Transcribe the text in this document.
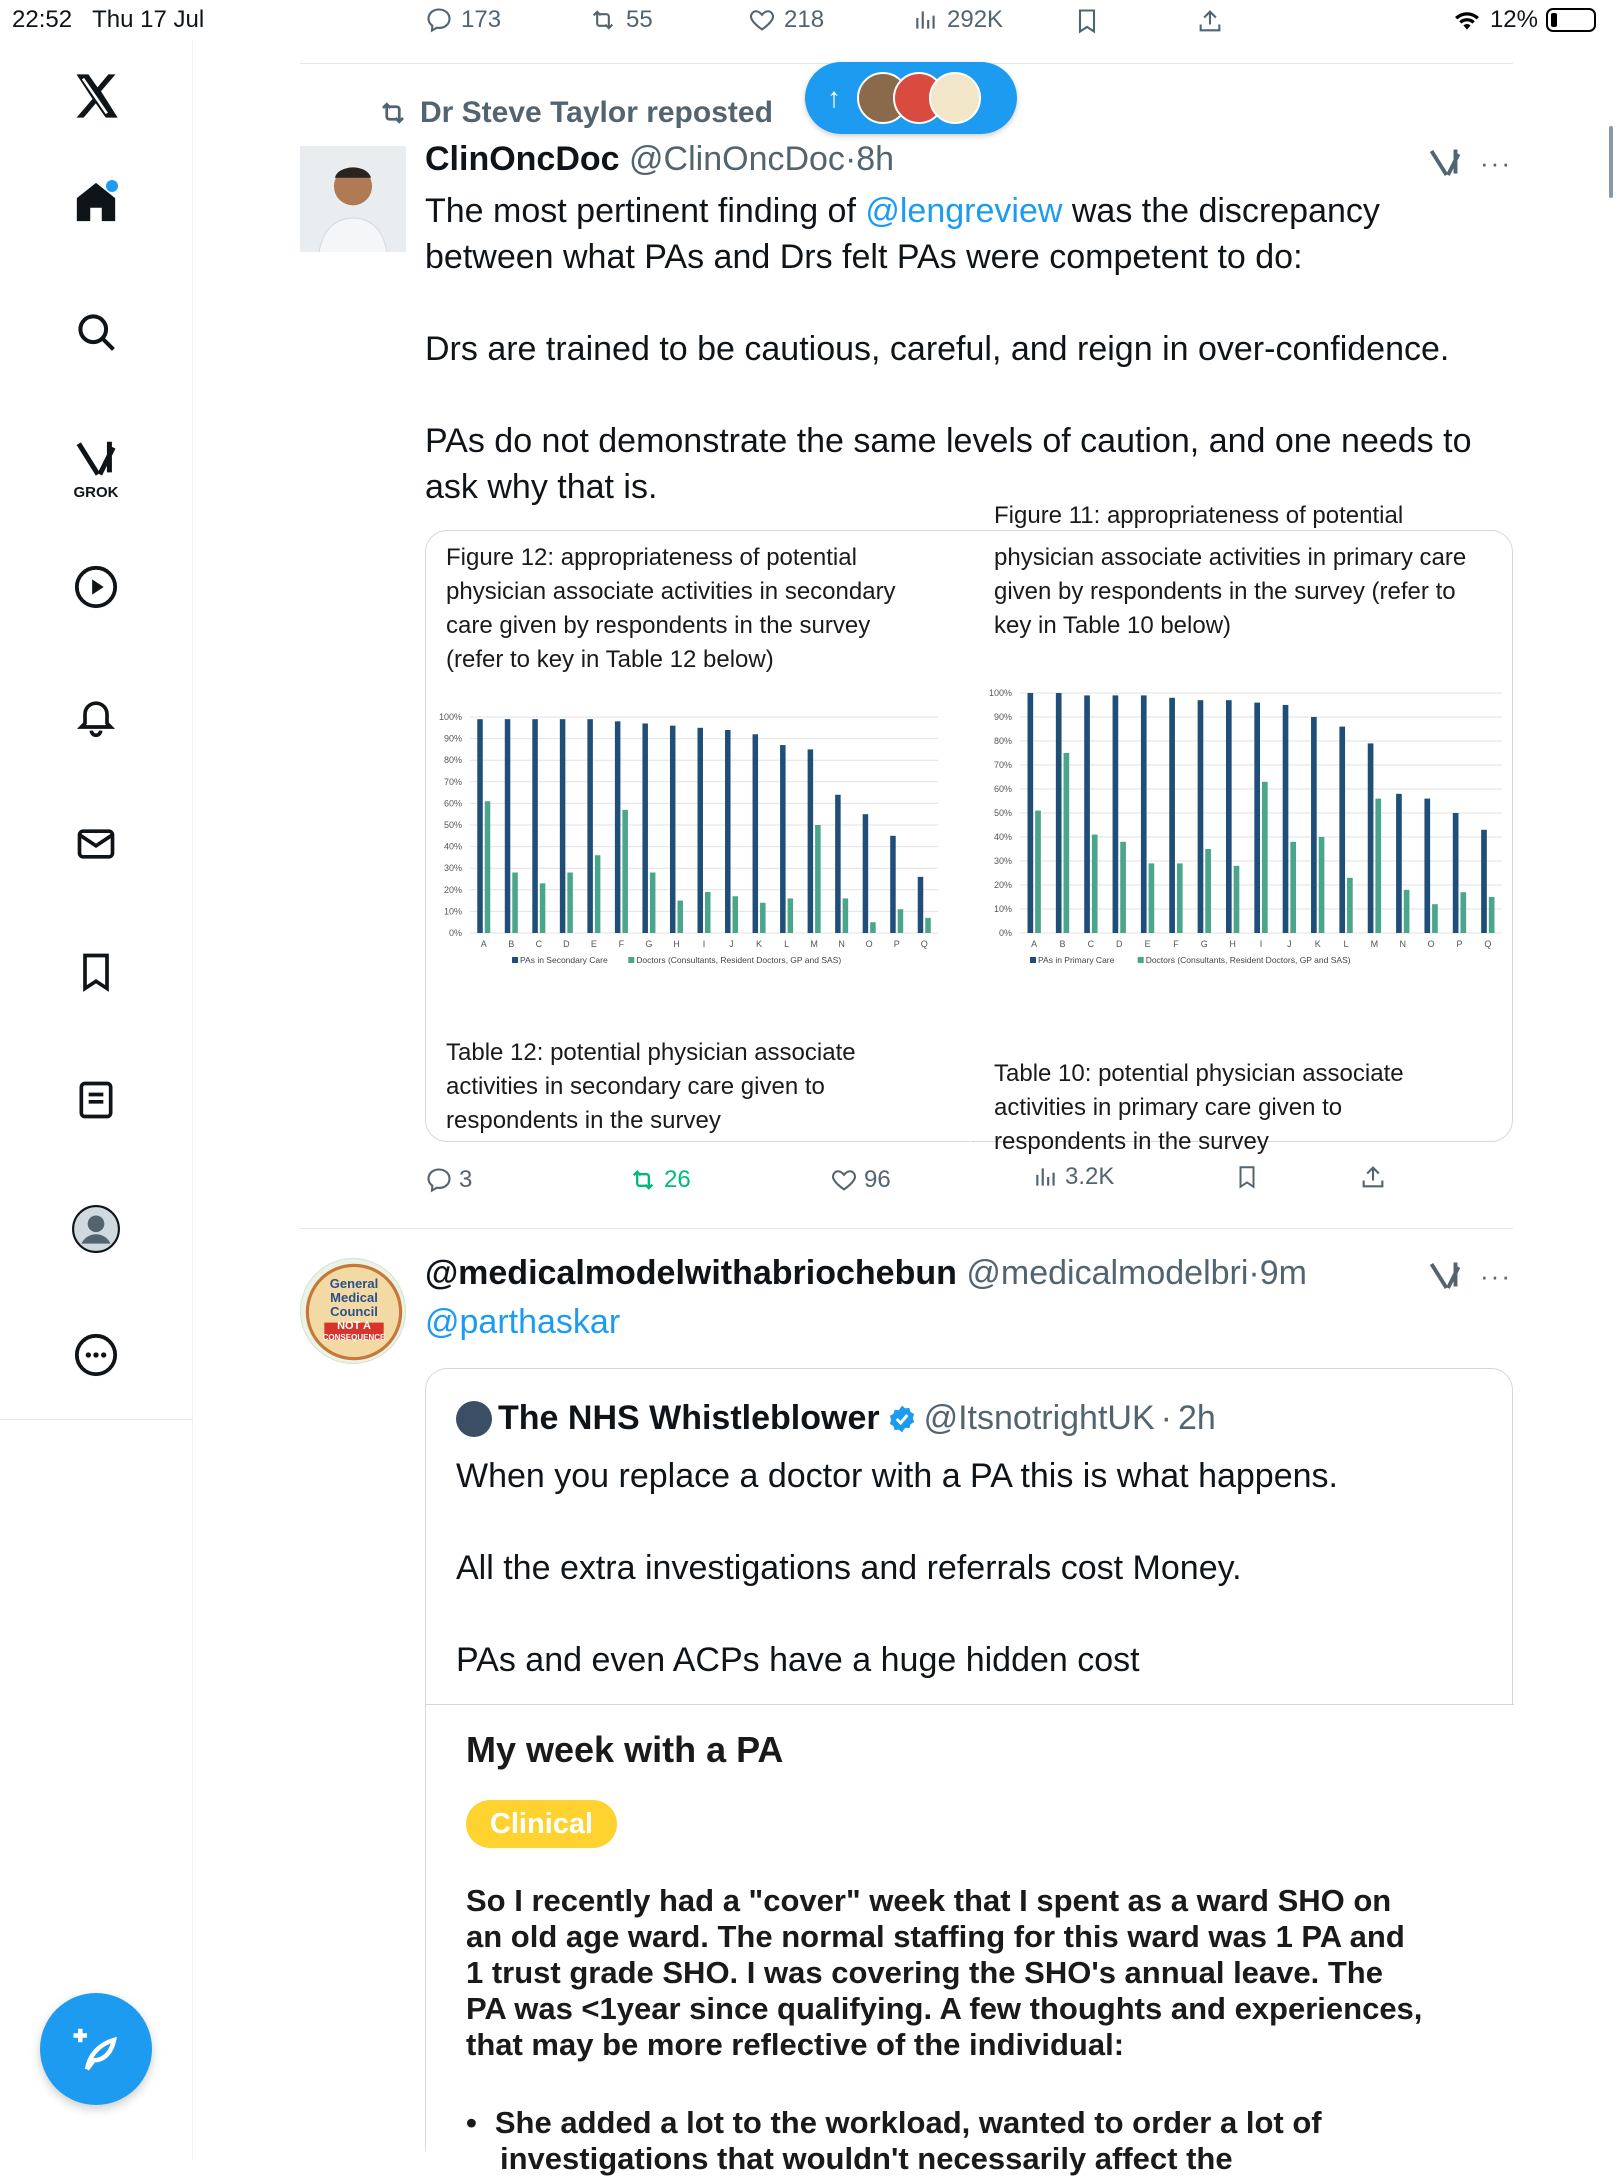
22:52 Thu 17 Jul	173	55	218	292K	12%
GROK
↑
Dr Steve Taylor reposted
ClinOncDoc @ClinOncDoc·8h	···
The most pertinent finding of @lengreview was the discrepancy
between what PAs and Drs felt PAs were competent to do:
Drs are trained to be cautious, careful, and reign in over-confidence.
PAs do not demonstrate the same levels of caution, and one needs to
ask why that is.
Figure 12: appropriateness of potential
physician associate activities in secondary
care given by respondents in the survey
(refer to key in Table 12 below)
Figure 11: appropriateness of potential
physician associate activities in primary care
given by respondents in the survey (refer to
key in Table 10 below)
0%
10%
20%
30%
40%
50%
60%
70%
80%
90%
100%
A B C D E F G H	I	J K L M N O P Q
PAs in Secondary Care	Doctors (Consultants, Resident Doctors, GP and SAS)
0%
10%
20%
30%
40%
50%
60%
70%
80%
90%
100%
A B C D E	F G H	I	J	K	L M N O P Q
PAs in Primary Care	Doctors (Consultants, Resident Doctors, GP and SAS)
Table 12: potential physician associate
activities in secondary care given to
respondents in the survey
Table 10: potential physician associate
activities in primary care given to
respondents in the survey
3	26	96	3.2K
General
Medical
Council
NOT A
CONSEQUENCE
@medicalmodelwithabriochebun @medicalmodelbri·9m	···
@parthaskar
The NHS Whistleblower @ItsnotrightUK · 2h
When you replace a doctor with a PA this is what happens.
All the extra investigations and referrals cost Money.
PAs and even ACPs have a huge hidden cost
My week with a PA
Clinical
So I recently had a "cover" week that I spent as a ward SHO on
an old age ward. The normal staffing for this ward was 1 PA and
1 trust grade SHO. I was covering the SHO's annual leave. The
PA was <1year since qualifying. A few thoughts and experiences,
that may be more reflective of the individual:
• She added a lot to the workload, wanted to order a lot of
investigations that wouldn't necessarily affect the
